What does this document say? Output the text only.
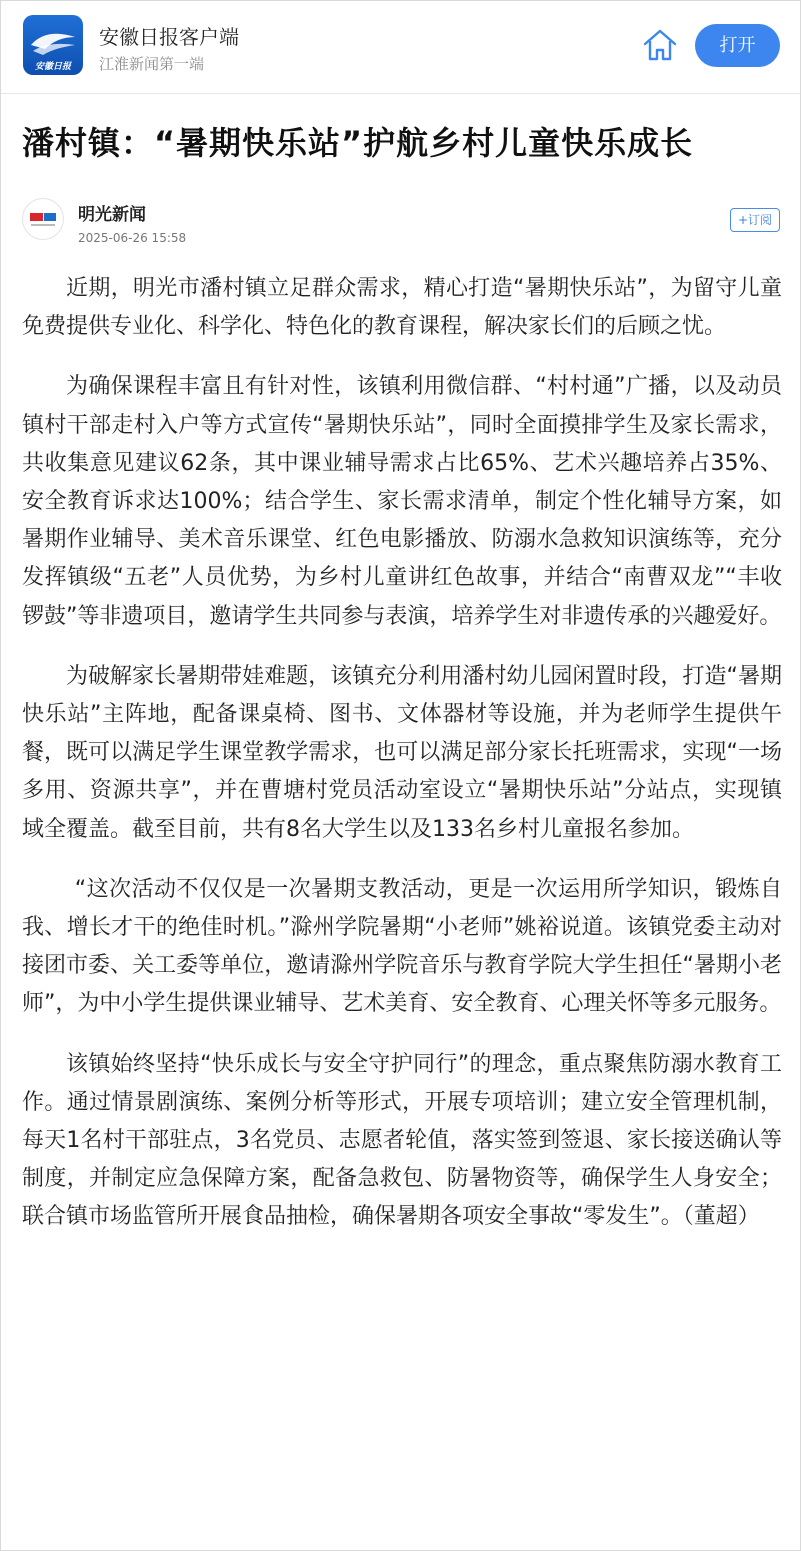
安徽日报
安徽日报客户端
江淮新闻第一端
打开
潘村镇：“暑期快乐站”护航乡村儿童快乐成长
明光新闻
2025-06-26 15:58
+订阅

近期，明光市潘村镇立足群众需求，精心打造“暑期快乐站”，为留守儿童免费提供专业化、科学化、特色化的教育课程，解决家长们的后顾之忧。

为确保课程丰富且有针对性，该镇利用微信群、“村村通”广播，以及动员镇村干部走村入户等方式宣传“暑期快乐站”，同时全面摸排学生及家长需求，共收集意见建议62条，其中课业辅导需求占比65%、艺术兴趣培养占35%、安全教育诉求达100%；结合学生、家长需求清单，制定个性化辅导方案，如暑期作业辅导、美术音乐课堂、红色电影播放、防溺水急救知识演练等，充分发挥镇级“五老”人员优势，为乡村儿童讲红色故事，并结合“南曹双龙”“丰收锣鼓”等非遗项目，邀请学生共同参与表演，培养学生对非遗传承的兴趣爱好。

为破解家长暑期带娃难题，该镇充分利用潘村幼儿园闲置时段，打造“暑期快乐站”主阵地，配备课桌椅、图书、文体器材等设施，并为老师学生提供午餐，既可以满足学生课堂教学需求，也可以满足部分家长托班需求，实现“一场多用、资源共享”，并在曹塘村党员活动室设立“暑期快乐站”分站点，实现镇域全覆盖。截至目前，共有8名大学生以及133名乡村儿童报名参加。

“这次活动不仅仅是一次暑期支教活动，更是一次运用所学知识，锻炼自我、增长才干的绝佳时机。”滁州学院暑期“小老师”姚裕说道。该镇党委主动对接团市委、关工委等单位，邀请滁州学院音乐与教育学院大学生担任“暑期小老师”，为中小学生提供课业辅导、艺术美育、安全教育、心理关怀等多元服务。

该镇始终坚持“快乐成长与安全守护同行”的理念，重点聚焦防溺水教育工作。通过情景剧演练、案例分析等形式，开展专项培训；建立安全管理机制，每天1名村干部驻点，3名党员、志愿者轮值，落实签到签退、家长接送确认等制度，并制定应急保障方案，配备急救包、防暑物资等，确保学生人身安全；联合镇市场监管所开展食品抽检，确保暑期各项安全事故“零发生”。（董超）
